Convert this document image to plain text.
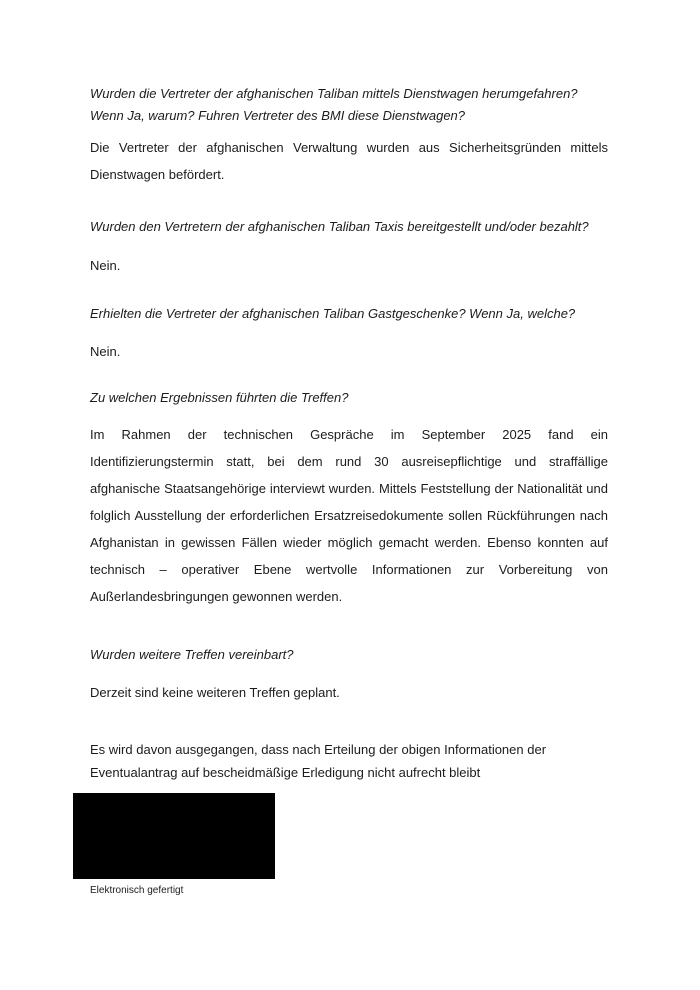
Wurden die Vertreter der afghanischen Taliban mittels Dienstwagen herumgefahren? Wenn Ja, warum? Fuhren Vertreter des BMI diese Dienstwagen?
Die Vertreter der afghanischen Verwaltung wurden aus Sicherheitsgründen mittels Dienstwagen befördert.
Wurden den Vertretern der afghanischen Taliban Taxis bereitgestellt und/oder bezahlt?
Nein.
Erhielten die Vertreter der afghanischen Taliban Gastgeschenke? Wenn Ja, welche?
Nein.
Zu welchen Ergebnissen führten die Treffen?
Im Rahmen der technischen Gespräche im September 2025 fand ein Identifizierungstermin statt, bei dem rund 30 ausreisepflichtige und straffällige afghanische Staatsangehörige interviewt wurden. Mittels Feststellung der Nationalität und folglich Ausstellung der erforderlichen Ersatzreisedokumente sollen Rückführungen nach Afghanistan in gewissen Fällen wieder möglich gemacht werden. Ebenso konnten auf technisch – operativer Ebene wertvolle Informationen zur Vorbereitung von Außerlandesbringungen gewonnen werden.
Wurden weitere Treffen vereinbart?
Derzeit sind keine weiteren Treffen geplant.
Es wird davon ausgegangen, dass nach Erteilung der obigen Informationen der Eventualantrag auf bescheidmäßige Erledigung nicht aufrecht bleibt
Elektronisch gefertigt
